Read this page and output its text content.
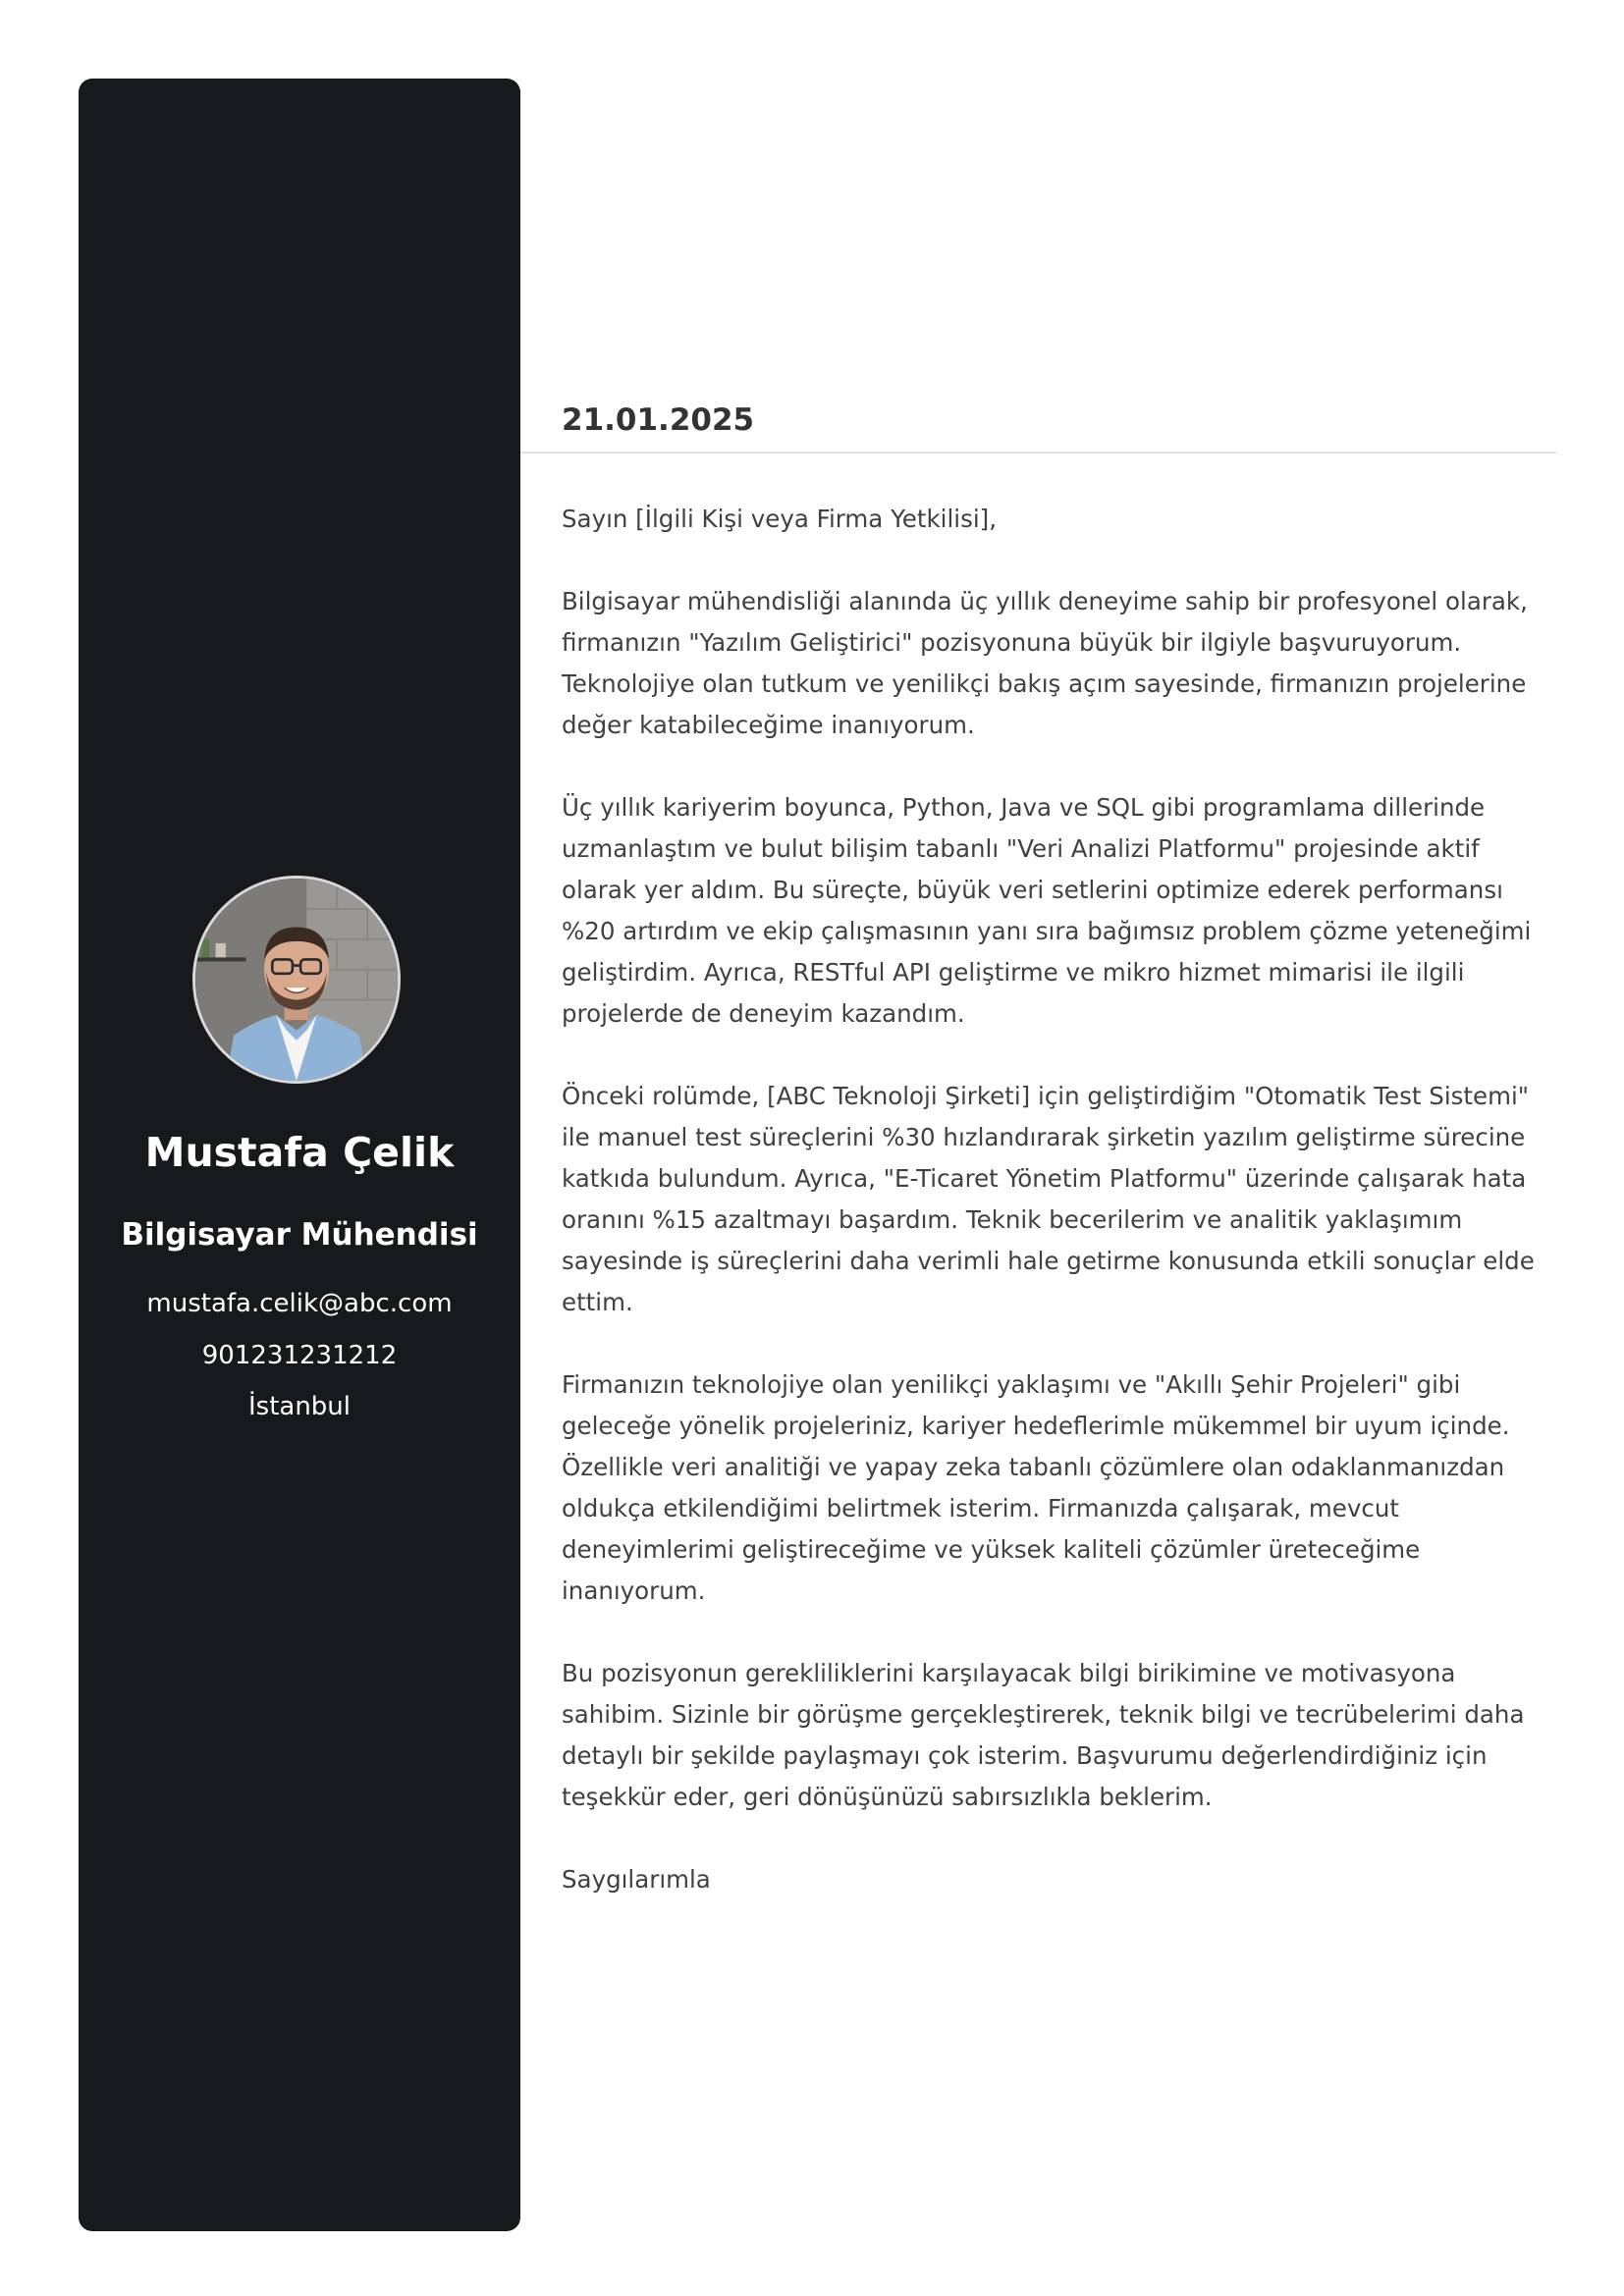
Mustafa Çelik
Bilgisayar Mühendisi
mustafa.celik@abc.com
901231231212
İstanbul
21.01.2025

Sayın [İlgili Kişi veya Firma Yetkilisi],

Bilgisayar mühendisliği alanında üç yıllık deneyime sahip bir profesyonel olarak, firmanızın "Yazılım Geliştirici" pozisyonuna büyük bir ilgiyle başvuruyorum. Teknolojiye olan tutkum ve yenilikçi bakış açım sayesinde, firmanızın projelerine değer katabileceğime inanıyorum.

Üç yıllık kariyerim boyunca, Python, Java ve SQL gibi programlama dillerinde uzmanlaştım ve bulut bilişim tabanlı "Veri Analizi Platformu" projesinde aktif olarak yer aldım. Bu süreçte, büyük veri setlerini optimize ederek performansı %20 artırdım ve ekip çalışmasının yanı sıra bağımsız problem çözme yeteneğimi geliştirdim. Ayrıca, RESTful API geliştirme ve mikro hizmet mimarisi ile ilgili projelerde de deneyim kazandım.

Önceki rolümde, [ABC Teknoloji Şirketi] için geliştirdiğim "Otomatik Test Sistemi" ile manuel test süreçlerini %30 hızlandırarak şirketin yazılım geliştirme sürecine katkıda bulundum. Ayrıca, "E-Ticaret Yönetim Platformu" üzerinde çalışarak hata oranını %15 azaltmayı başardım. Teknik becerilerim ve analitik yaklaşımım sayesinde iş süreçlerini daha verimli hale getirme konusunda etkili sonuçlar elde ettim.

Firmanızın teknolojiye olan yenilikçi yaklaşımı ve "Akıllı Şehir Projeleri" gibi geleceğe yönelik projeleriniz, kariyer hedeflerimle mükemmel bir uyum içinde. Özellikle veri analitiği ve yapay zeka tabanlı çözümlere olan odaklanmanızdan oldukça etkilendiğimi belirtmek isterim. Firmanızda çalışarak, mevcut deneyimlerimi geliştireceğime ve yüksek kaliteli çözümler üreteceğime inanıyorum.

Bu pozisyonun gerekliliklerini karşılayacak bilgi birikimine ve motivasyona sahibim. Sizinle bir görüşme gerçekleştirerek, teknik bilgi ve tecrübelerimi daha detaylı bir şekilde paylaşmayı çok isterim. Başvurumu değerlendirdiğiniz için teşekkür eder, geri dönüşünüzü sabırsızlıkla beklerim.

Saygılarımla
